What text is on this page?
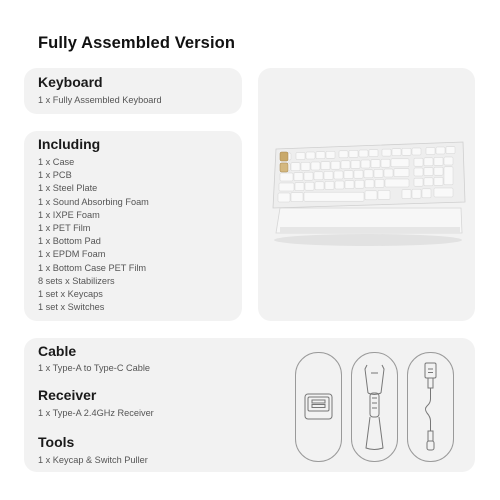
Fully Assembled Version
Keyboard
1 x Fully Assembled Keyboard
Including
1 x Case
1 x PCB
1 x Steel Plate
1 x Sound Absorbing Foam
1 x IXPE Foam
1 x PET Film
1 x Bottom Pad
1 x EPDM Foam
1 x Bottom Case PET Film
8 sets x Stabilizers
1 set x Keycaps
1 set x Switches
Cable
1 x Type-A to Type-C Cable
Receiver
1 x Type-A 2.4GHz Receiver
Tools
1 x Keycap & Switch Puller
